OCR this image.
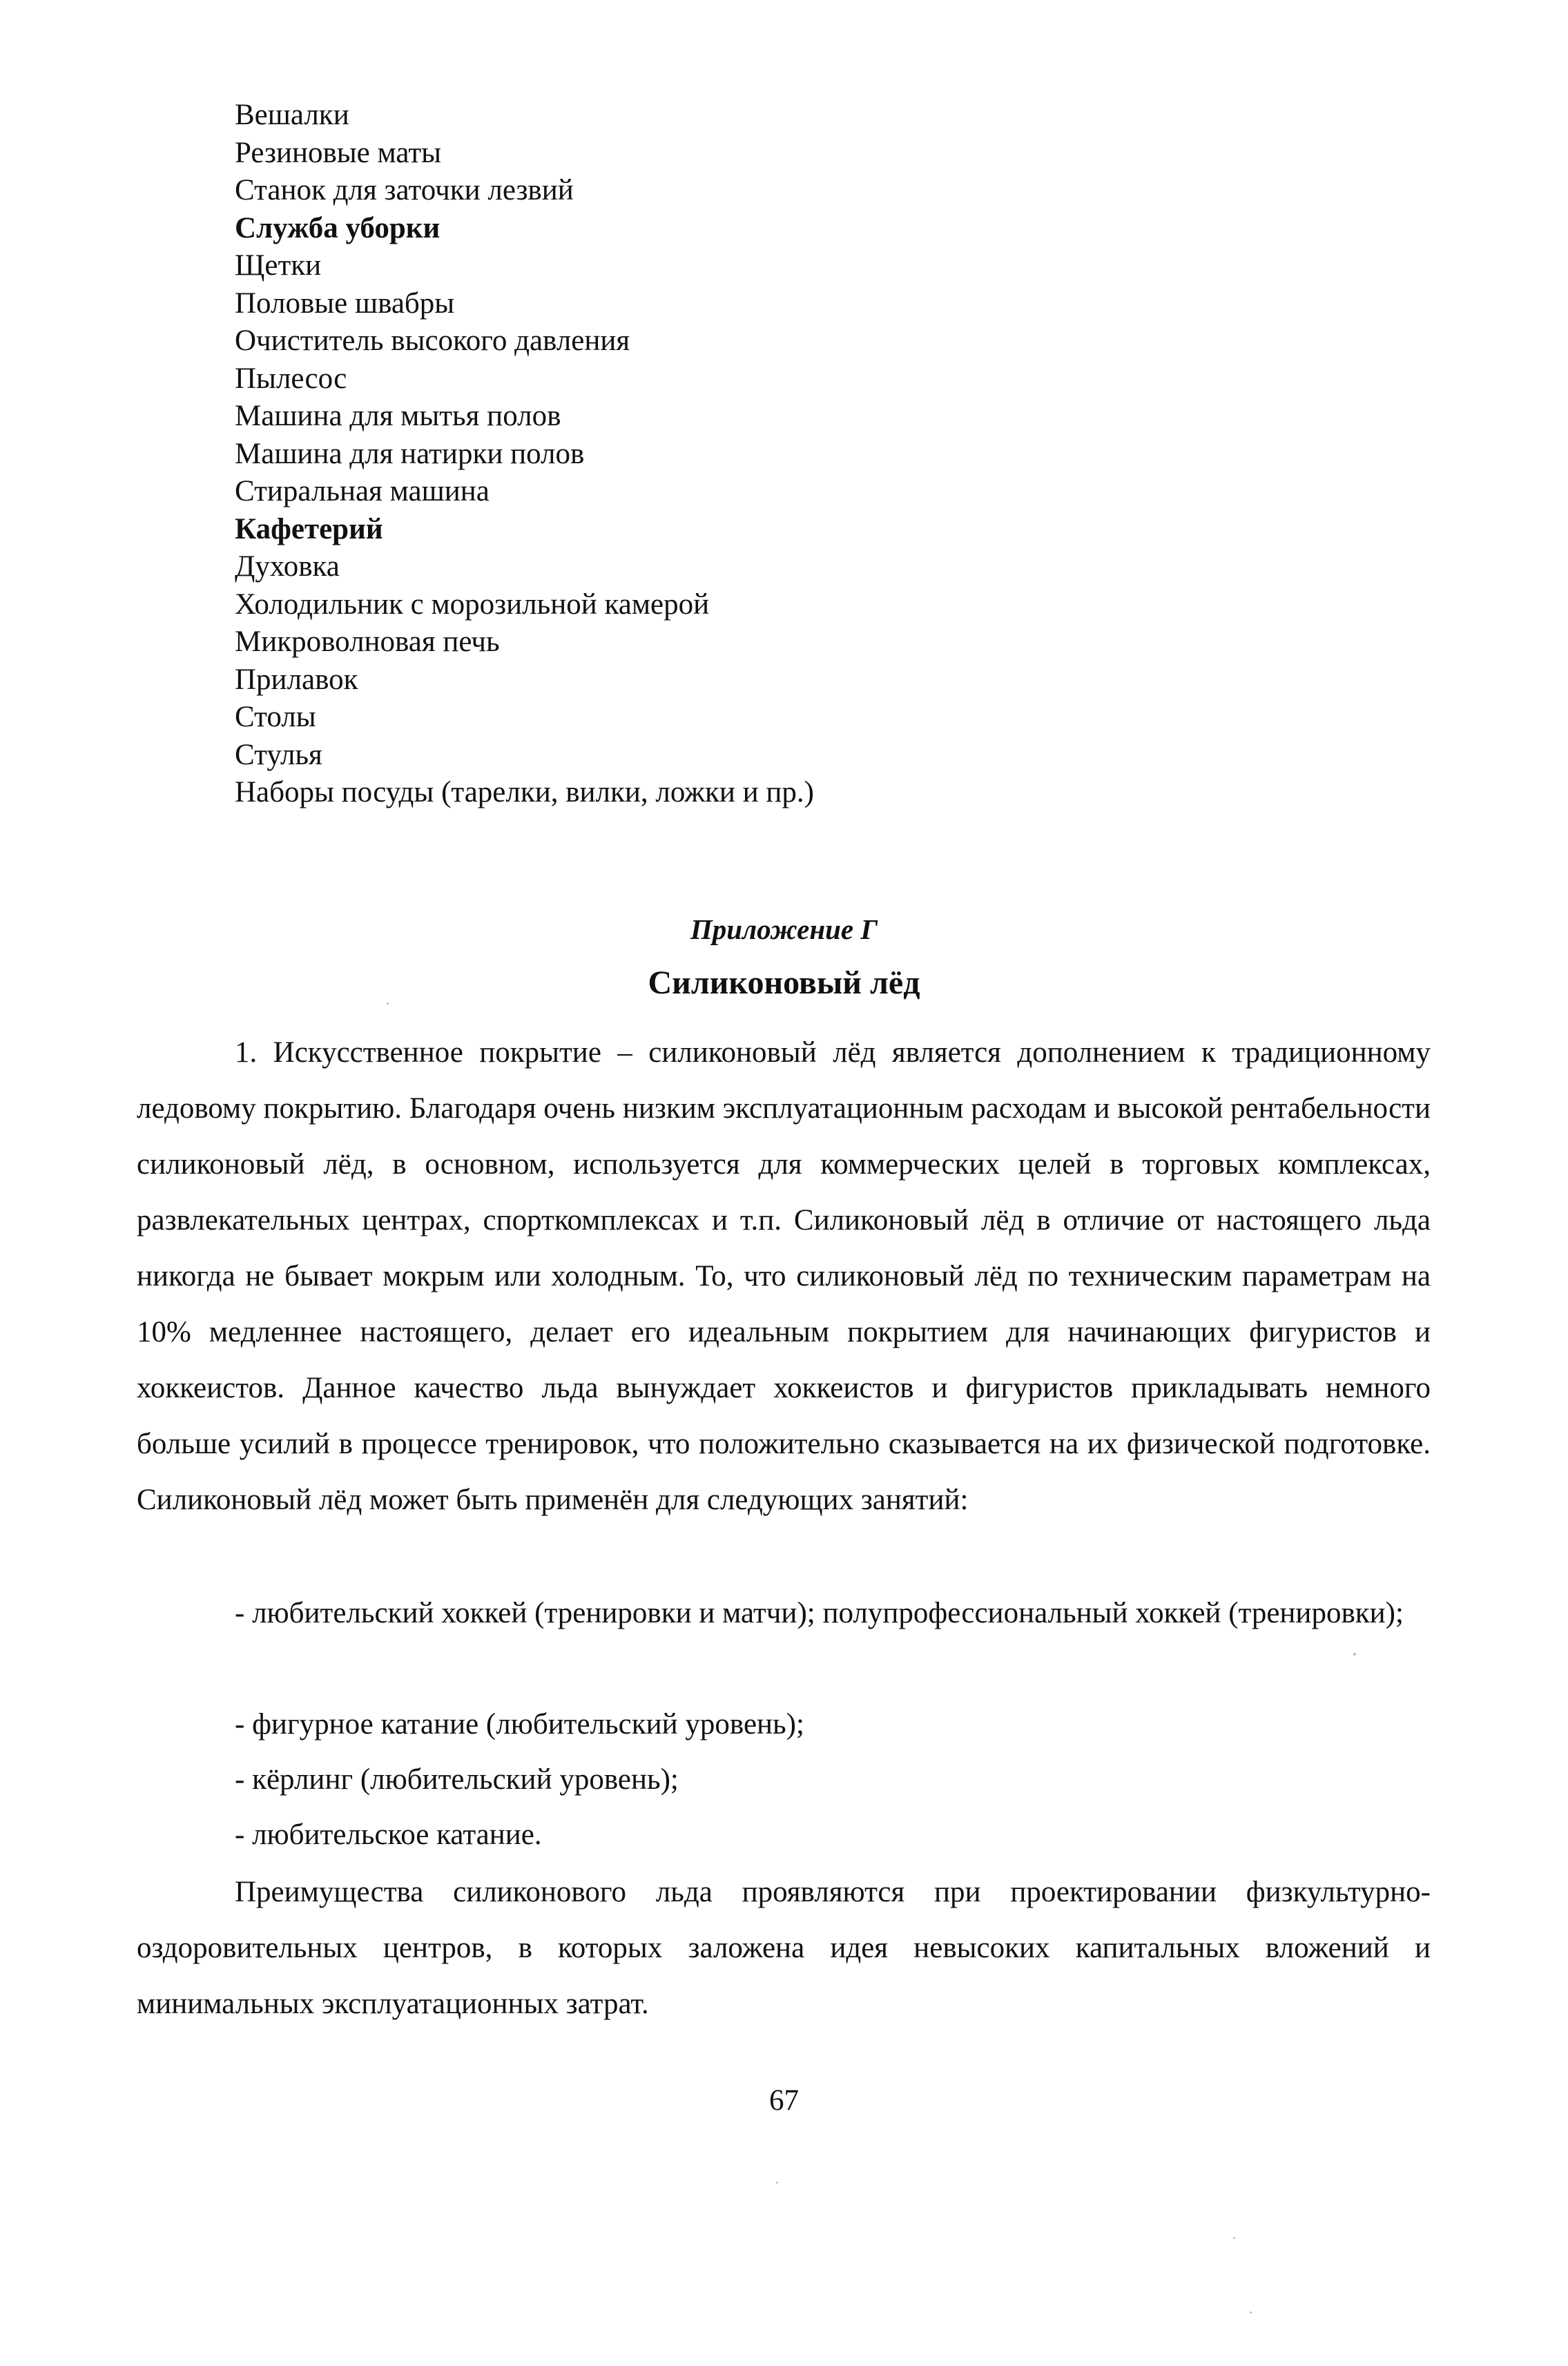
Вешалки
Резиновые маты
Станок для заточки лезвий
Служба уборки
Щетки
Половые швабры
Очиститель высокого давления
Пылесос
Машина для мытья полов
Машина для натирки полов
Стиральная машина
Кафетерий
Духовка
Холодильник с морозильной камерой
Микроволновая печь
Прилавок
Столы
Стулья
Наборы посуды (тарелки, вилки, ложки и пр.)
Приложение Г
Силиконовый лёд
1. Искусственное покрытие – силиконовый лёд является дополнением к традиционному ледовому покрытию. Благодаря очень низким эксплуатационным расходам и высокой рентабельности силиконовый лёд, в основном, используется для коммерческих целей в торговых комплексах, развлекательных центрах, спорткомплексах и т.п. Силиконовый лёд в отличие от настоящего льда никогда не бывает мокрым или холодным. То, что силиконовый лёд по техническим параметрам на 10% медленнее настоящего, делает его идеальным покрытием для начинающих фигуристов и хоккеистов. Данное качество льда вынуждает хоккеистов и фигуристов прикладывать немного больше усилий в процессе тренировок, что положительно сказывается на их физической подготовке. Силиконовый лёд может быть применён для следующих занятий:
- любительский хоккей (тренировки и матчи); полупрофессиональный хоккей (тренировки);
- фигурное катание (любительский уровень);
- кёрлинг (любительский уровень);
- любительское катание.
Преимущества силиконового льда проявляются при проектировании физкультурно-оздоровительных центров, в которых заложена идея невысоких капитальных вложений и минимальных эксплуатационных затрат.
67
